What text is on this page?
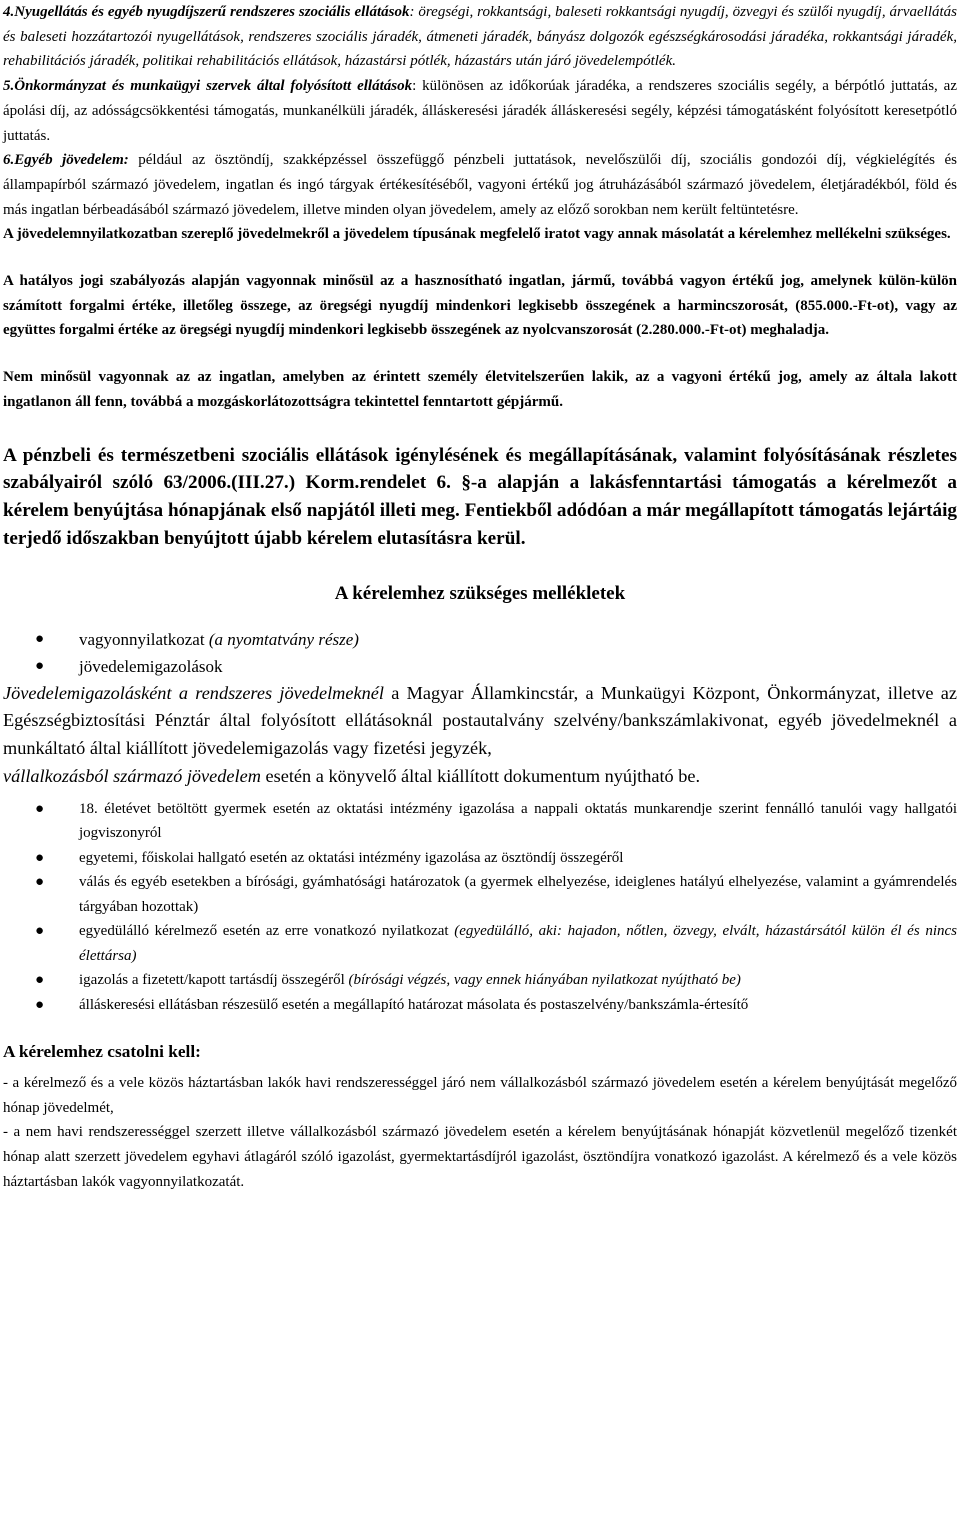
4.Nyugellátás és egyéb nyugdíjszerű rendszeres szociális ellátások: öregségi, rokkantsági, baleseti rokkantsági nyugdíj, özvegyi és szülői nyugdíj, árvaellátás és baleseti hozzátartozói nyugellátások, rendszeres szociális járadék, átmeneti járadék, bányász dolgozók egészségkárosodási járadéka, rokkantsági járadék, rehabilitációs járadék, politikai rehabilitációs ellátások, házastársi pótlék, házastárs után járó jövedelempótlék.

5.Önkormányzat és munkaügyi szervek által folyósított ellátások: különösen az időkorúak járadéka, a rendszeres szociális segély, a bérpótló juttatás, az ápolási díj, az adósságcsökkentési támogatás, munkanélküli járadék, álláskeresési járadék álláskeresési segély, képzési támogatásként folyósított keresetpótló juttatás.

6.Egyéb jövedelem: például az ösztöndíj, szakképzéssel összefüggő pénzbeli juttatások, nevelőszülői díj, szociális gondozói díj, végkielégítés és állampapírból származó jövedelem, ingatlan és ingó tárgyak értékesítéséből, vagyoni értékű jog átruházásából származó jövedelem, életjáradékból, föld és más ingatlan bérbeadásából származó jövedelem, illetve minden olyan jövedelem, amely az előző sorokban nem került feltüntetésre.

A jövedelemnyilatkozatban szereplő jövedelmekről a jövedelem típusának megfelelő iratot vagy annak másolatát a kérelemhez mellékelni szükséges.

A hatályos jogi szabályozás alapján vagyonnak minősül az a hasznosítható ingatlan, jármű, továbbá vagyon értékű jog, amelynek külön-külön számított forgalmi értéke, illetőleg összege, az öregségi nyugdíj mindenkori legkisebb összegének a harmincszorosát, (855.000.-Ft-ot), vagy az együttes forgalmi értéke az öregségi nyugdíj mindenkori legkisebb összegének az nyolcvanszorosát (2.280.000.-Ft-ot) meghaladja.

Nem minősül vagyonnak az az ingatlan, amelyben az érintett személy életvitelszerűen lakik, az a vagyoni értékű jog, amely az általa lakott ingatlanon áll fenn, továbbá a mozgáskorlátozottságra tekintettel fenntartott gépjármű.

A pénzbeli és természetbeni szociális ellátások igénylésének és megállapításának, valamint folyósításának részletes szabályairól szóló 63/2006.(III.27.) Korm.rendelet 6. §-a alapján a lakásfenntartási támogatás a kérelmezőt a kérelem benyújtása hónapjának első napjától illeti meg. Fentiekből adódóan a már megállapított támogatás lejártáig terjedő időszakban benyújtott újabb kérelem elutasításra kerül.

A kérelemhez szükséges mellékletek

● vagyonnyilatkozat (a nyomtatvány része)
● jövedelemigazolások

Jövedelemigazolásként a rendszeres jövedelmeknél a Magyar Államkincstár, a Munkaügyi Központ, Önkormányzat, illetve az Egészségbiztosítási Pénztár által folyósított ellátásoknál postautalvány szelvény/bankszámlakivonat, egyéb jövedelmeknél a munkáltató által kiállított jövedelemigazolás vagy fizetési jegyzék,

vállalkozásból származó jövedelem esetén a könyvelő által kiállított dokumentum nyújtható be.

● 18. életévet betöltött gyermek esetén az oktatási intézmény igazolása a nappali oktatás munkarendje szerint fennálló tanulói vagy hallgatói jogviszonyról
● egyetemi, főiskolai hallgató esetén az oktatási intézmény igazolása az ösztöndíj összegéről
● válás és egyéb esetekben a bírósági, gyámhatósági határozatok (a gyermek elhelyezése, ideiglenes hatályú elhelyezése, valamint a gyámrendelés tárgyában hozottak)
● egyedülálló kérelmező esetén az erre vonatkozó nyilatkozat (egyedülálló, aki: hajadon, nőtlen, özvegy, elvált, házastársától külön él és nincs élettársa)
● igazolás a fizetett/kapott tartásdíj összegéről (bírósági végzés, vagy ennek hiányában nyilatkozat nyújtható be)
● álláskeresési ellátásban részesülő esetén a megállapító határozat másolata és postaszelvény/bankszámla-értesítő

A kérelemhez csatolni kell:

- a kérelmező és a vele közös háztartásban lakók havi rendszerességgel járó nem vállalkozásból származó jövedelem esetén a kérelem benyújtását megelőző hónap jövedelmét,

- a nem havi rendszerességgel szerzett illetve vállalkozásból származó jövedelem esetén a kérelem benyújtásának hónapját közvetlenül megelőző tizenkét hónap alatt szerzett jövedelem egyhavi átlagáról szóló igazolást, gyermektartásdíjról igazolást, ösztöndíjra vonatkozó igazolást. A kérelmező és a vele közös háztartásban lakók vagyonnyilatkozatát.
